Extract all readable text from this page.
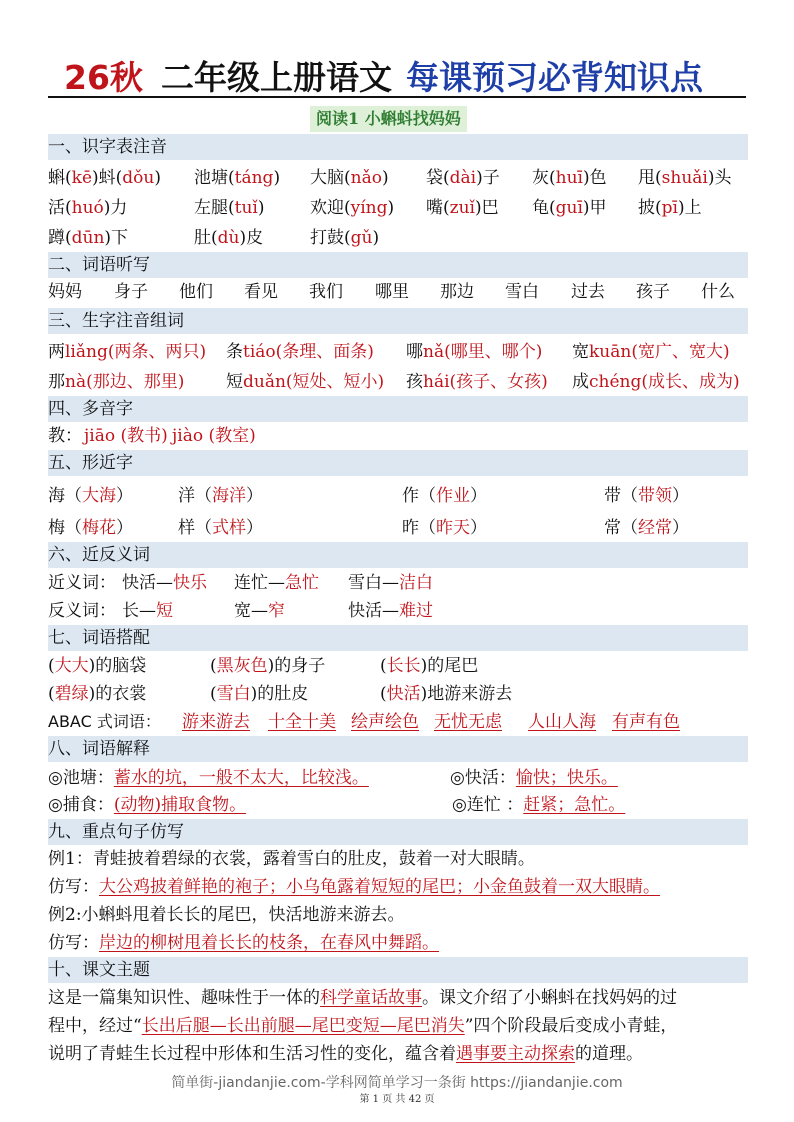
26秋 二年级上册语文 每课预习必背知识点
阅读1 小蝌蚪找妈妈
一、识字表注音
蝌(kē)蚪(dǒu) 池塘(táng) 大脑(nǎo) 袋(dài)子 灰(huī)色 甩(shuǎi)头
活(huó)力	左腿(tuǐ)	欢迎(yíng) 嘴(zuǐ)巴 龟(guī)甲 披(pī)上
蹲(dūn)下	肚(dù)皮	打鼓(gǔ)
二、词语听写
妈妈 身子 他们 看见 我们 哪里 那边 雪白 过去 孩子 什么
三、生字注音组词
两liǎng(两条、两只) 条tiáo(条理、面条) 哪nǎ(哪里、哪个) 宽kuān(宽广、宽大)
那nà(那边、那里) 短duǎn(短处、短小) 孩hái(孩子、女孩) 成chéng(成长、成为)
四、多音字
教： jiāo (教书) jiào (教室)
五、形近字
海（大海）	洋（海洋）	作（作业）	带（带领）
梅（梅花）	样（式样）	昨（昨天）	常（经常）
六、近反义词
近义词： 快活—快乐 连忙—急忙 雪白—洁白
反义词： 长—短	宽—窄	快活—难过
七、词语搭配
(大大)的脑袋	(黑灰色)的身子	(长长)的尾巴
(碧绿)的衣裳	(雪白)的肚皮	(快活)地游来游去
ABAC 式词语： 游来游去 十全十美 绘声绘色 无忧无虑 人山人海 有声有色
八、词语解释
◎池塘：蓄水的坑，一般不太大，比较浅。	◎快活：愉快；快乐。
◎捕食：(动物)捕取食物。	◎连忙 ：赶紧；急忙。
九、重点句子仿写
例1：青蛙披着碧绿的衣裳，露着雪白的肚皮，鼓着一对大眼睛。
仿写：大公鸡披着鲜艳的袍子；小乌龟露着短短的尾巴；小金鱼鼓着一双大眼睛。
例2:小蝌蚪甩着长长的尾巴，快活地游来游去。
仿写：岸边的柳树甩着长长的枝条，在春风中舞蹈。
十、课文主题
这是一篇集知识性、趣味性于一体的科学童话故事。课文介绍了小蝌蚪在找妈妈的过
程中，经过“长出后腿—长出前腿—尾巴变短—尾巴消失”四个阶段最后变成小青蛙，
说明了青蛙生长过程中形体和生活习性的变化，蕴含着遇事要主动探索的道理。
简单街-jiandanjie.com-学科网简单学习一条街 https://jiandanjie.com
第 1 页 共 42 页
